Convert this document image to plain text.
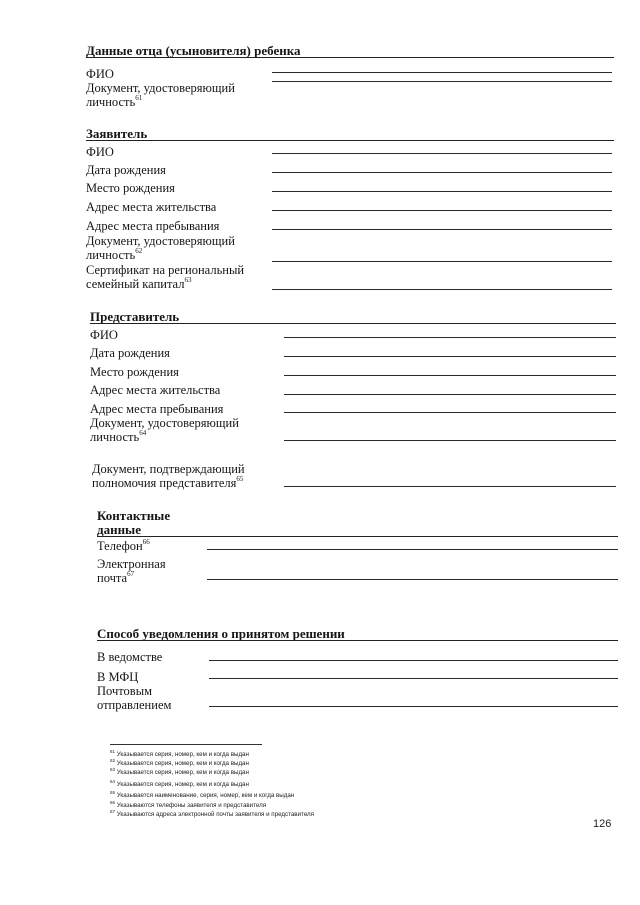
Данные отца (усыновителя) ребенка
ФИО
Документ, удостоверяющий
личность$^{61}$
Заявитель
ФИО
Дата рождения
Место рождения
Адрес места жительства
Адрес места пребывания
Документ, удостоверяющий
личность$^{62}$
Сертификат на региональный
семейный капитал$^{63}$
Представитель
ФИО
Дата рождения
Место рождения
Адрес места жительства
Адрес места пребывания
Документ, удостоверяющий
личность$^{64}$
Документ, подтверждающий
полномочия представителя$^{65}$
Контактные
данные
Телефон$^{66}$
Электронная
почта$^{67}$
Способ уведомления о принятом решении
В ведомстве
В МФЦ
Почтовым
отправлением
$^{61}$ Указывается серия, номер, кем и когда выдан
$^{62}$ Указывается серия, номер, кем и когда выдан
$^{63}$ Указывается серия, номер, кем и когда выдан
$^{64}$ Указывается серия, номер, кем и когда выдан
$^{65}$ Указывается наименование, серия, номер, кем и когда выдан
$^{66}$ Указываются телефоны заявителя и представителя
$^{67}$ Указываются адреса электронной почты заявителя и представителя
126
